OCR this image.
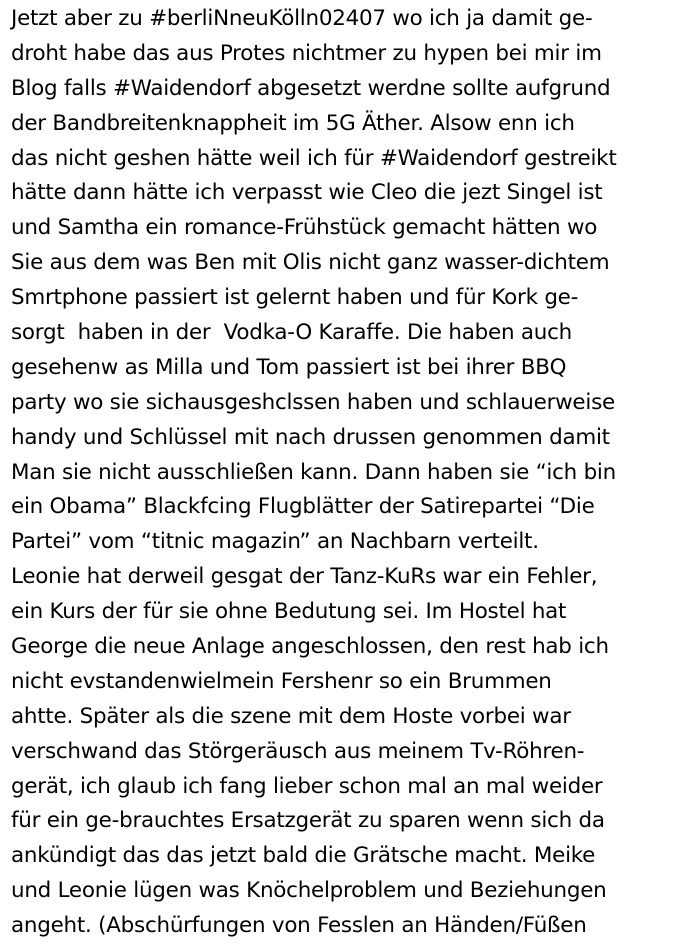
Jetzt aber zu #berliNneuKölln02407 wo ich ja damit ge-
droht habe das aus Protes nichtmer zu hypen bei mir im
Blog falls #Waidendorf abgesetzt werdne sollte aufgrund
der Bandbreitenknappheit im 5G Äther. Alsow enn ich
das nicht geshen hätte weil ich für #Waidendorf gestreikt
hätte dann hätte ich verpasst wie Cleo die jezt Singel ist
und Samtha ein romance-Frühstück gemacht hätten wo
Sie aus dem was Ben mit Olis nicht ganz wasser-dichtem
Smrtphone passiert ist gelernt haben und für Kork ge-
sorgt  haben in der  Vodka-O Karaffe. Die haben auch
gesehenw as Milla und Tom passiert ist bei ihrer BBQ
party wo sie sichausgeshclssen haben und schlauerweise
handy und Schlüssel mit nach drussen genommen damit
Man sie nicht ausschließen kann. Dann haben sie “ich bin
ein Obama” Blackfcing Flugblätter der Satirepartei “Die
Partei” vom “titnic magazin” an Nachbarn verteilt.
Leonie hat derweil gesgat der Tanz-KuRs war ein Fehler,
ein Kurs der für sie ohne Bedutung sei. Im Hostel hat
George die neue Anlage angeschlossen, den rest hab ich
nicht evstandenwielmein Fershenr so ein Brummen
ahtte. Später als die szene mit dem Hoste vorbei war
verschwand das Störgeräusch aus meinem Tv-Röhren-
gerät, ich glaub ich fang lieber schon mal an mal weider
für ein ge-brauchtes Ersatzgerät zu sparen wenn sich da
ankündigt das das jetzt bald die Grätsche macht. Meike
und Leonie lügen was Knöchelproblem und Beziehungen
angeht. (Abschürfungen von Fesslen an Händen/Füßen
